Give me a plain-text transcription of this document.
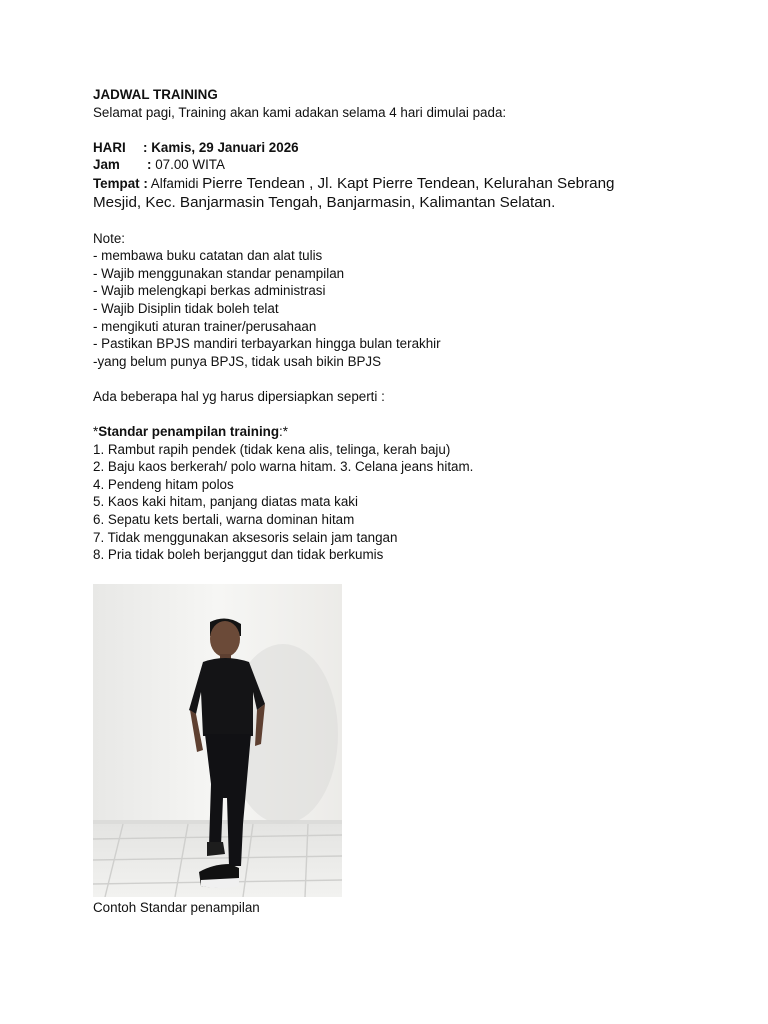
JADWAL TRAINING
Selamat pagi, Training akan kami adakan selama 4 hari dimulai pada:
HARI : Kamis, 29 Januari 2026
Jam : 07.00 WITA
Tempat : Alfamidi Pierre Tendean , Jl. Kapt Pierre Tendean, Kelurahan Sebrang
Mesjid, Kec. Banjarmasin Tengah, Banjarmasin, Kalimantan Selatan.
Note:
- membawa buku catatan dan alat tulis
- Wajib menggunakan standar penampilan
- Wajib melengkapi berkas administrasi
- Wajib Disiplin tidak boleh telat
- mengikuti aturan trainer/perusahaan
- Pastikan BPJS mandiri terbayarkan hingga bulan terakhir
-yang belum punya BPJS, tidak usah bikin BPJS
Ada beberapa hal yg harus dipersiapkan seperti :
*Standar penampilan training:*
1. Rambut rapih pendek (tidak kena alis, telinga, kerah baju)
2. Baju kaos berkerah/ polo warna hitam. 3. Celana jeans hitam.
4. Pendeng hitam polos
5. Kaos kaki hitam, panjang diatas mata kaki
6. Sepatu kets bertali, warna dominan hitam
7. Tidak menggunakan aksesoris selain jam tangan
8. Pria tidak boleh berjanggut dan tidak berkumis
Contoh Standar penampilan
